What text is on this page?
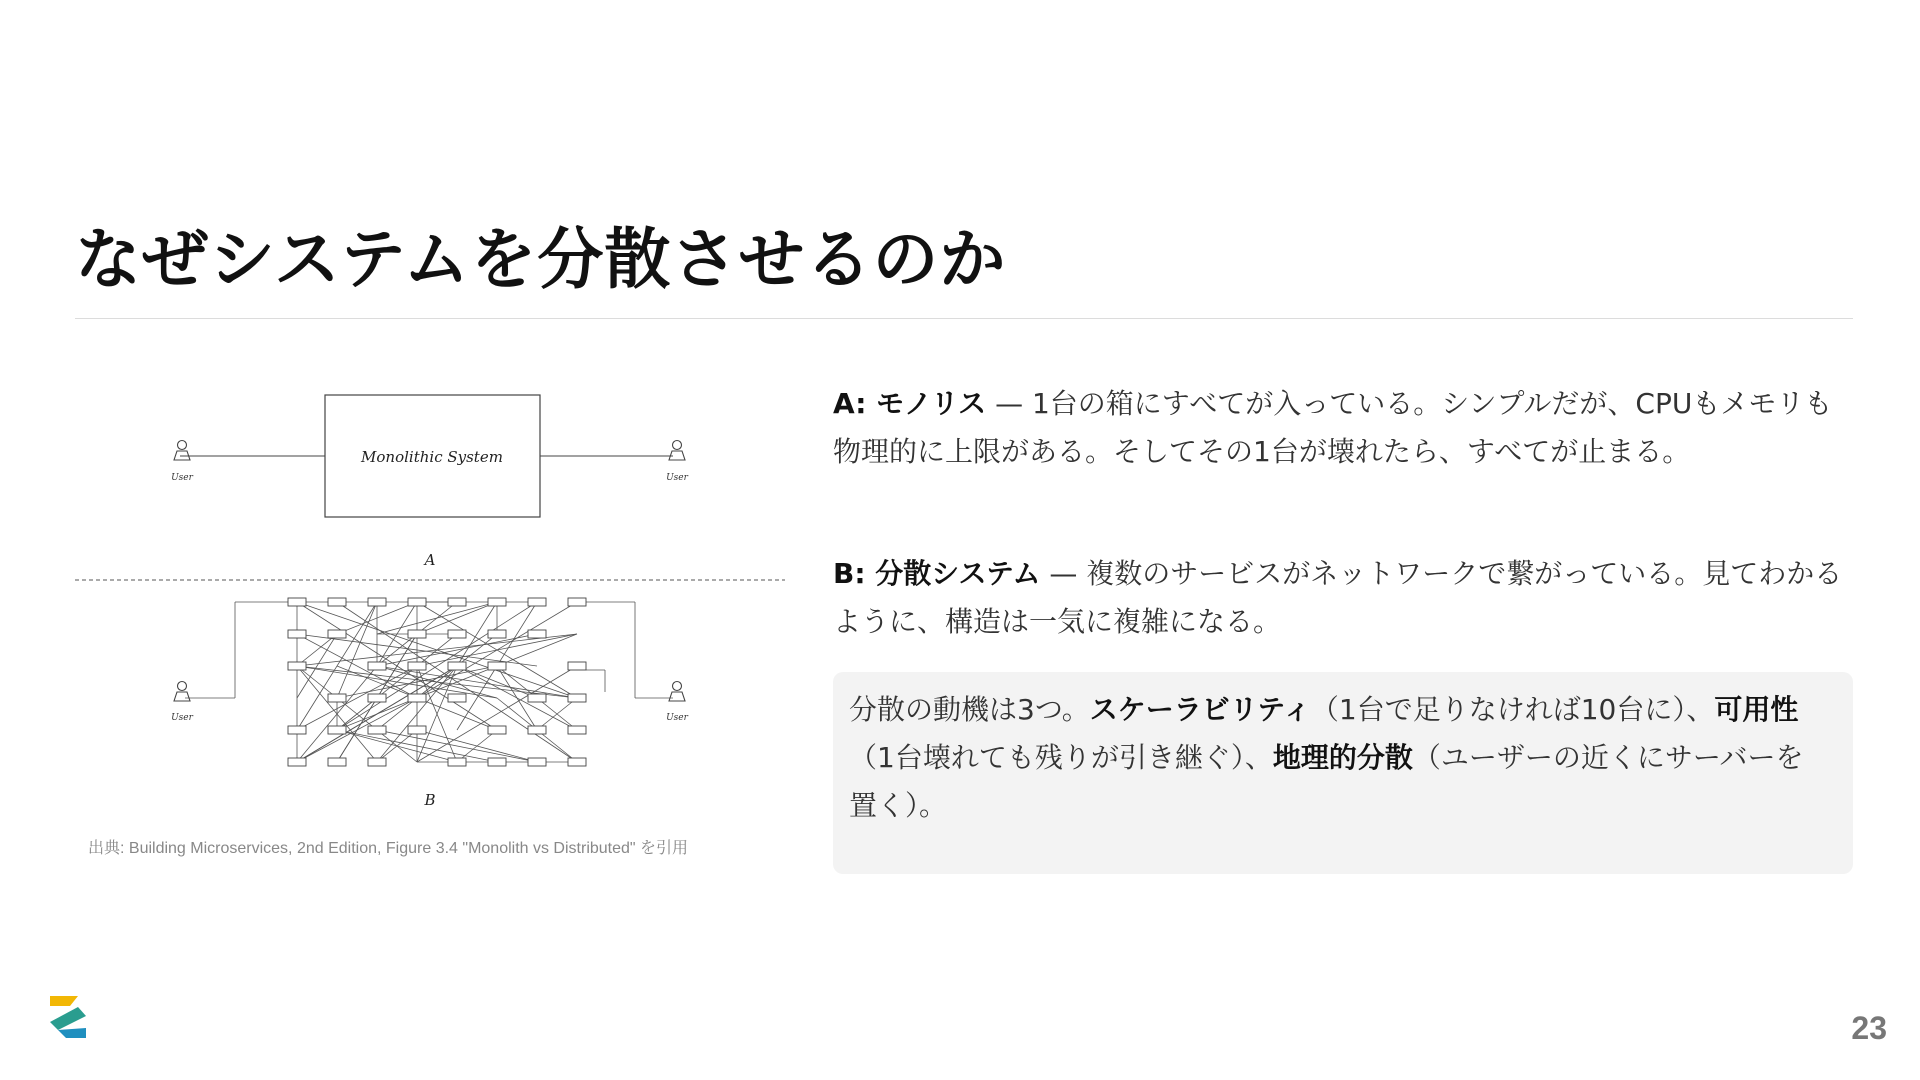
なぜシステムを分散させるのか
Monolithic System
User	User
A
User	User
B
出典: Building Microservices, 2nd Edition, Figure 3.4 "Monolith vs Distributed" を引用
A: モノリス — 1台の箱にすべてが入っている。シンプルだが、CPUもメモリも物理的に上限がある。そしてその1台が壊れたら、すべてが止まる。
B: 分散システム — 複数のサービスがネットワークで繋がっている。見てわかるように、構造は一気に複雑になる。
分散の動機は3つ。スケーラビリティ（1台で足りなければ10台に）、可用性（1台壊れても残りが引き継ぐ）、地理的分散（ユーザーの近くにサーバーを置く）。
23
